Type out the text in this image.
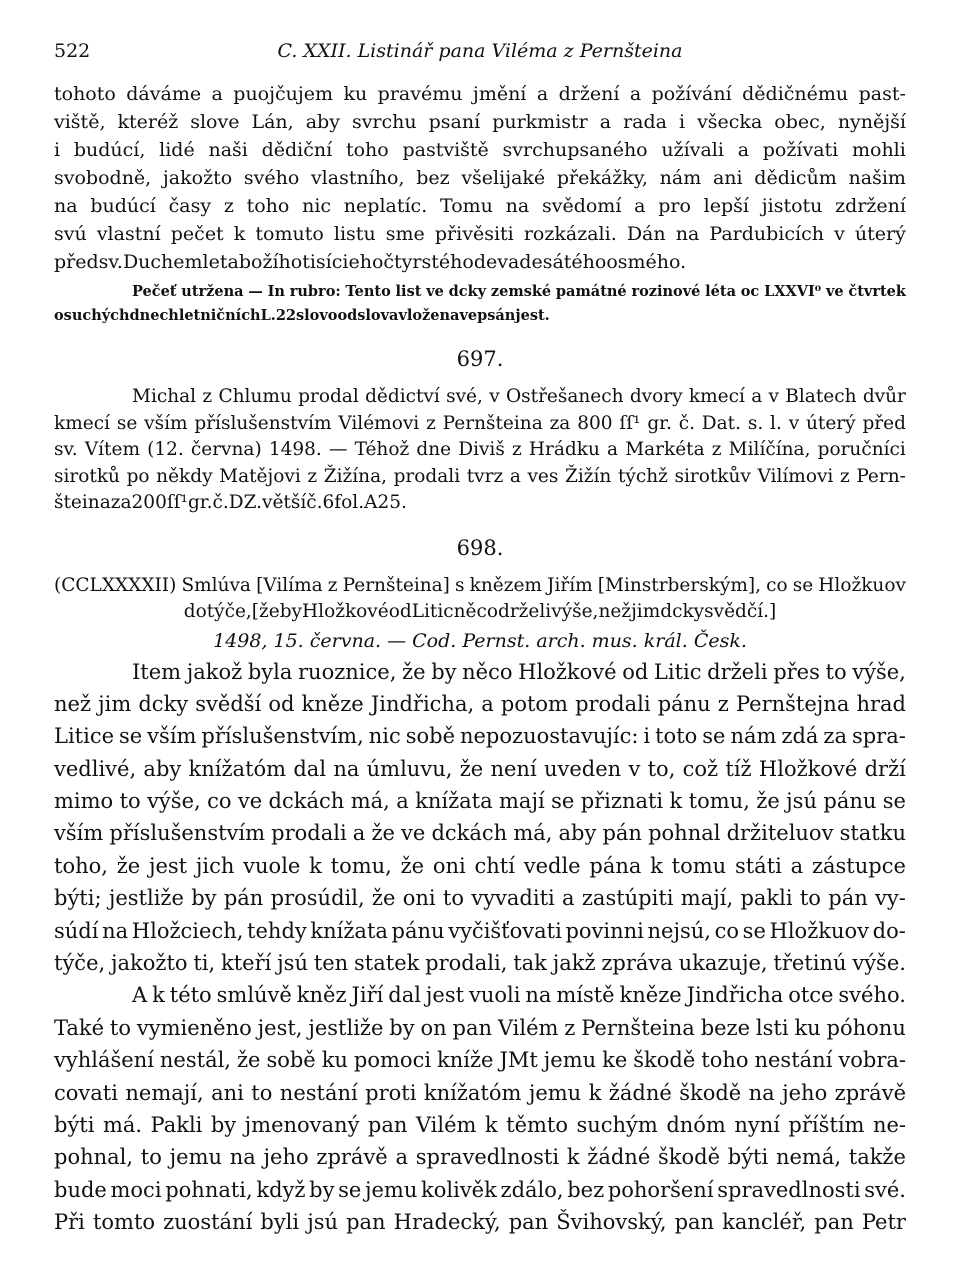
C. XXII. Listinář pana Viléma z Pernšteina
522
tohoto dáváme a puojčujem ku pravému jmění a držení a požívání dědičnému past-
viště, kteréž slove Lán, aby svrchu psaní purkmistr a rada i všecka obec, nynější
i budúcí, lidé naši dědiční toho pastviště svrchupsaného užívali a požívati mohli
svobodně, jakožto svého vlastního, bez všelijaké překážky, nám ani dědicům našim
na budúcí časy z toho nic neplatíc. Tomu na svědomí a pro lepší jistotu zdržení
svú vlastní pečet k tomuto listu sme přivěsiti rozkázali. Dán na Pardubicích v úterý
před sv. Duchem leta božího tisícieho čtyrstého devadesátého osmého.
Pečeť utržena — In rubro: Tento list ve dcky zemské památné rozinové léta oc LXXVI⁰ ve čtvrtek
o suchých dnech letničních L. 22 slovo od slova vložen a vepsán jest.
697.
Michal z Chlumu prodal dědictví své, v Ostřešanech dvory kmecí a v Blatech dvůr
kmecí se vším příslušenstvím Vilémovi z Pernšteina za 800 ſſ¹ gr. č. Dat. s. l. v úterý před
sv. Vítem (12. června) 1498. — Téhož dne Diviš z Hrádku a Markéta z Milíčína, poručníci
sirotků po někdy Matějovi z Žižína, prodali tvrz a ves Žižín týchž sirotkův Vilímovi z Pern-
šteina za 200 ſſ¹ gr. č. DZ. větší č. 6 fol. A 25.
698.
(CCLXXXXII) Smlúva [Vilíma z Pernšteina] s knězem Jiřím [Minstrberským], co se Hložkuov
dotýče, [že by Hložkové od Litic něco drželi výše, než jim dcky svědčí.]
1498, 15. června. — Cod. Pernst. arch. mus. král. Česk.
Item jakož byla ruoznice, že by něco Hložkové od Litic drželi přes to výše,
než jim dcky svědší od kněze Jindřicha, a potom prodali pánu z Pernštejna hrad
Litice se vším příslušenstvím, nic sobě nepozuostavujíc: i toto se nám zdá za spra-
vedlivé, aby knížatóm dal na úmluvu, že není uveden v to, což tíž Hložkové drží
mimo to výše, co ve dckách má, a knížata mají se přiznati k tomu, že jsú pánu se
vším příslušenstvím prodali a že ve dckách má, aby pán pohnal držiteluov statku
toho, že jest jich vuole k tomu, že oni chtí vedle pána k tomu státi a zástupce
býti; jestliže by pán prosúdil, že oni to vyvaditi a zastúpiti mají, pakli to pán vy-
súdí na Hložciech, tehdy knížata pánu vyčišťovati povinni nejsú, co se Hložkuov do-
týče, jakožto ti, kteří jsú ten statek prodali, tak jakž zpráva ukazuje, třetinú výše.
A k této smlúvě kněz Jiří dal jest vuoli na místě kněze Jindřicha otce svého.
Také to vymieněno jest, jestliže by on pan Vilém z Pernšteina beze lsti ku póhonu
vyhlášení nestál, že sobě ku pomoci kníže JMt jemu ke škodě toho nestání vobra-
covati nemají, ani to nestání proti knížatóm jemu k žádné škodě na jeho zprávě
býti má. Pakli by jmenovaný pan Vilém k těmto suchým dnóm nyní příštím ne-
pohnal, to jemu na jeho zprávě a spravedlnosti k žádné škodě býti nemá, takže
bude moci pohnati, když by se jemu kolivěk zdálo, bez pohoršení spravedlnosti své.
Při tomto zuostání byli jsú pan Hradecký, pan Švihovský, pan kancléř, pan Petr
